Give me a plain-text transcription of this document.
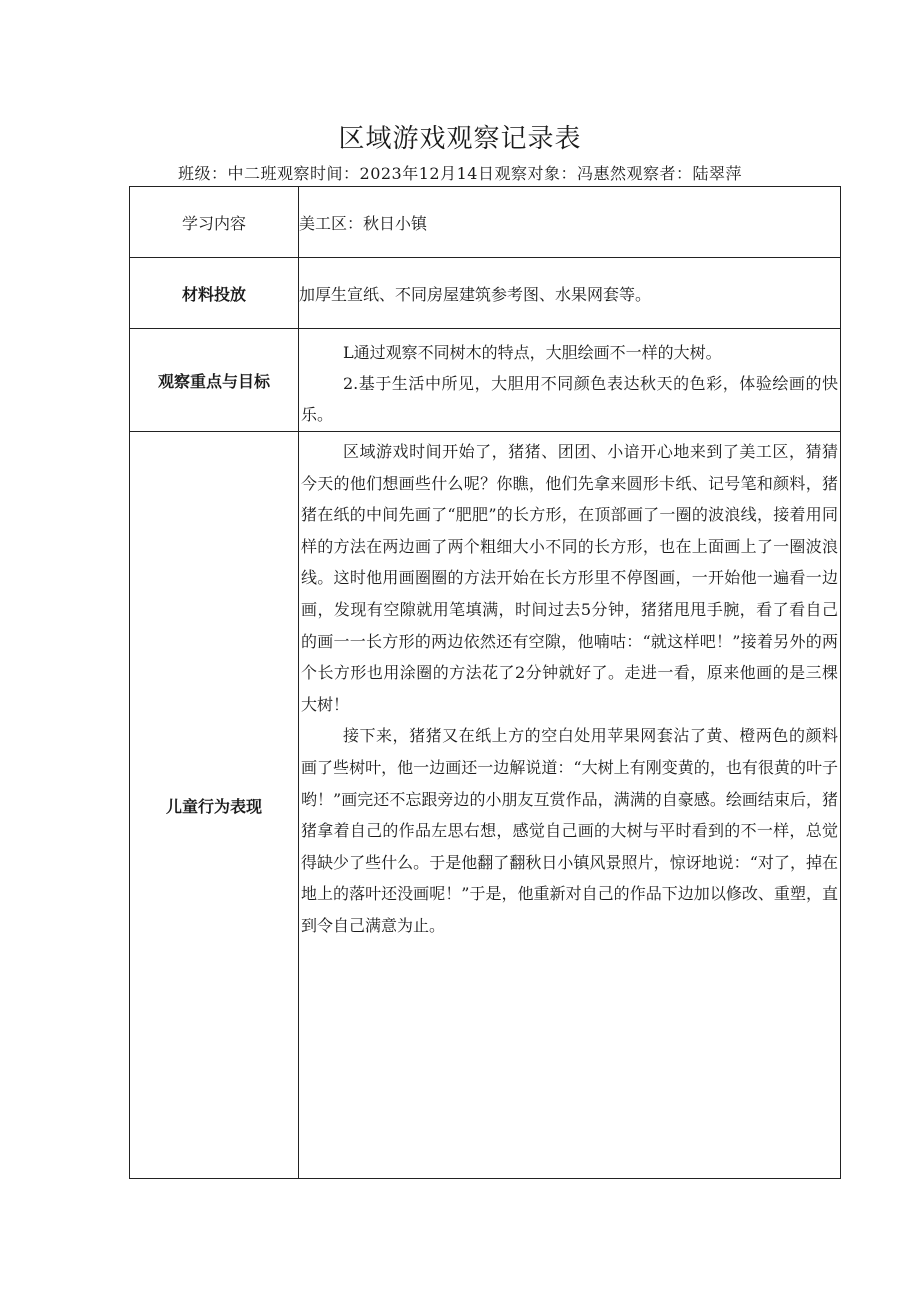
区域游戏观察记录表
班级：中二班观察时间：2023年12月14日观察对象：冯惠然观察者：陆翠萍
学习内容	美工区：秋日小镇
材料投放	加厚生宣纸、不同房屋建筑参考图、水果网套等。
观察重点与目标	L通过观察不同树木的特点，大胆绘画不一样的大树。

2.基于生活中所见，大胆用不同颜色表达秋天的色彩，体验绘画的快乐。

儿童行为表现	区域游戏时间开始了，猪猪、团团、小谙开心地来到了美工区，猜猜今天的他们想画些什么呢？你瞧，他们先拿来圆形卡纸、记号笔和颜料，猪猪在纸的中间先画了“肥肥”的长方形，在顶部画了一圈的波浪线，接着用同样的方法在两边画了两个粗细大小不同的长方形，也在上面画上了一圈波浪线。这时他用画圈圈的方法开始在长方形里不停图画，一开始他一遍看一边画，发现有空隙就用笔填满，时间过去5分钟，猪猪甩甩手腕，看了看自己的画一一长方形的两边依然还有空隙，他喃咕：“就这样吧！”接着另外的两个长方形也用涂圈的方法花了2分钟就好了。走进一看，原来他画的是三棵大树！

接下来，猪猪又在纸上方的空白处用苹果网套沾了黄、橙两色的颜料画了些树叶，他一边画还一边解说道：“大树上有刚变黄的，也有很黄的叶子哟！”画完还不忘跟旁边的小朋友互赏作品，满满的自豪感。绘画结束后，猪猪拿着自己的作品左思右想，感觉自己画的大树与平时看到的不一样，总觉得缺少了些什么。于是他翻了翻秋日小镇风景照片，惊讶地说：“对了，掉在地上的落叶还没画呢！”于是，他重新对自己的作品下边加以修改、重塑，直到令自己满意为止。
